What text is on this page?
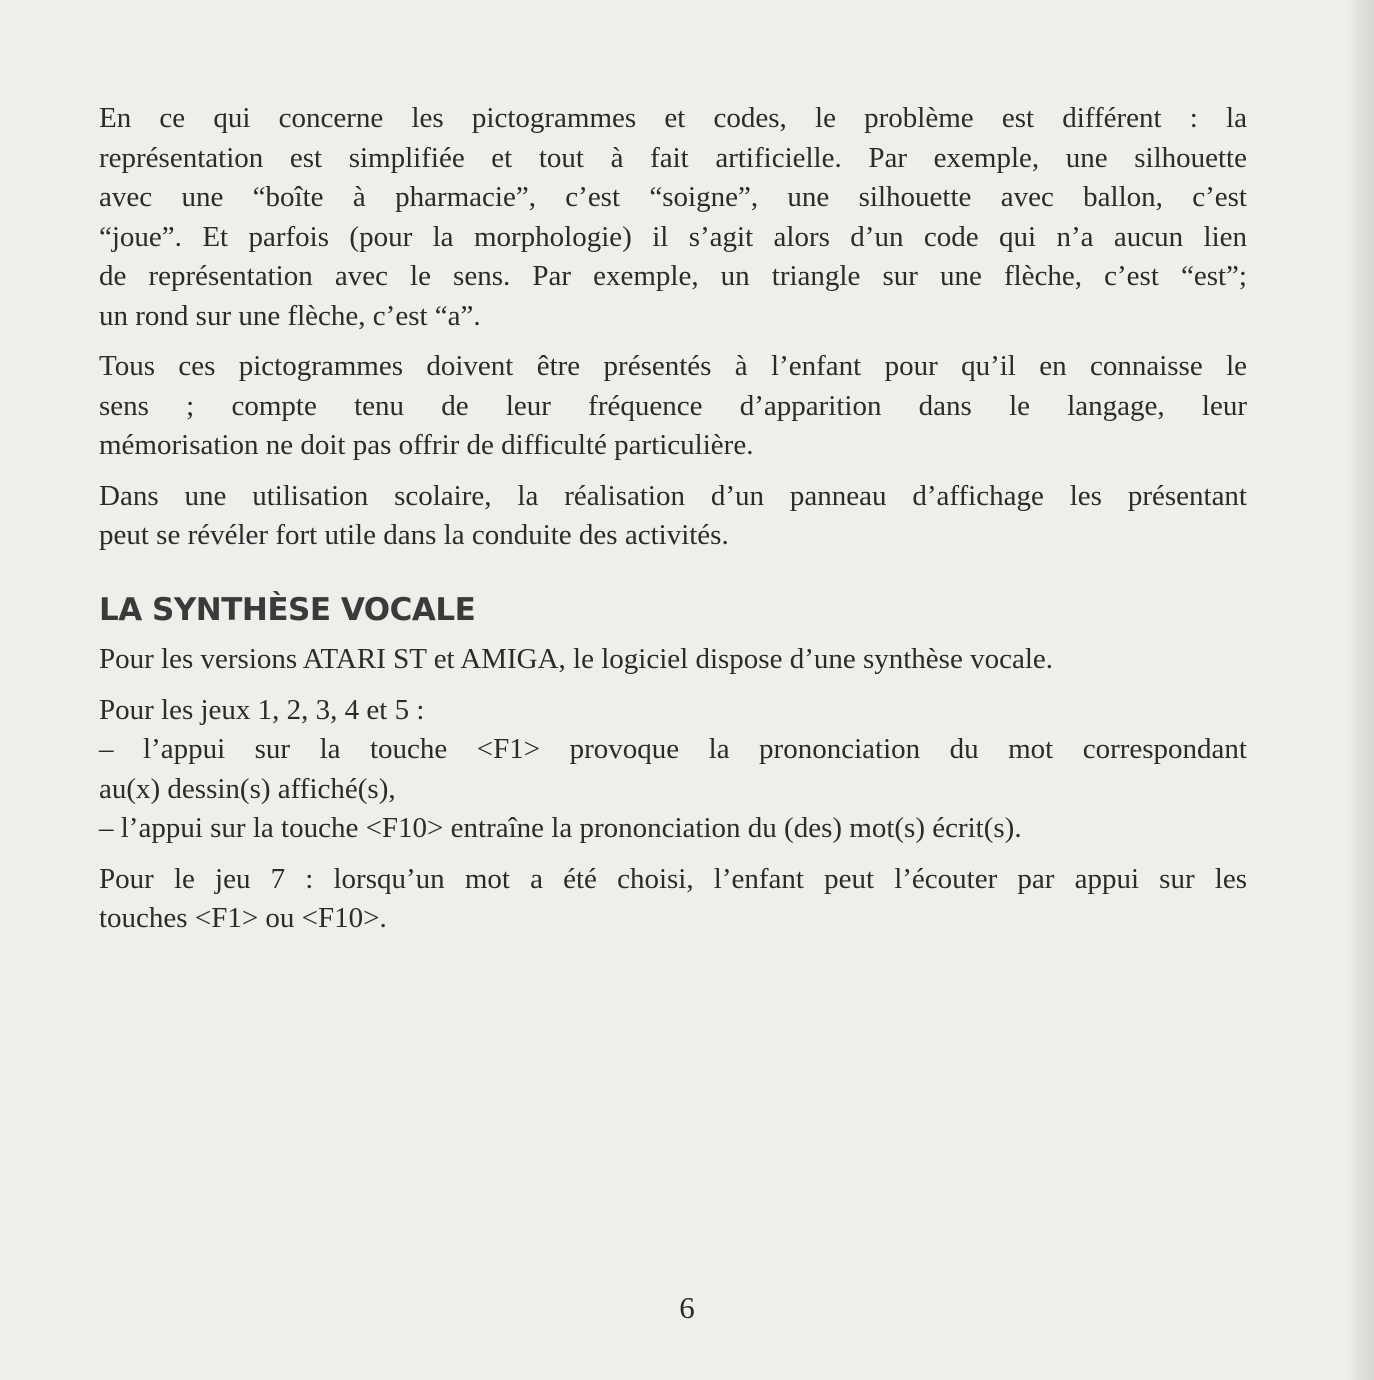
En ce qui concerne les pictogrammes et codes, le problème est différent : la
représentation est simplifiée et tout à fait artificielle. Par exemple, une silhouette
avec une “boîte à pharmacie”, c’est “soigne”, une silhouette avec ballon, c’est
“joue”. Et parfois (pour la morphologie) il s’agit alors d’un code qui n’a aucun lien
de représentation avec le sens. Par exemple, un triangle sur une flèche, c’est “est”;
un rond sur une flèche, c’est “a”.

Tous ces pictogrammes doivent être présentés à l’enfant pour qu’il en connaisse le
sens ; compte tenu de leur fréquence d’apparition dans le langage, leur
mémorisation ne doit pas offrir de difficulté particulière.

Dans une utilisation scolaire, la réalisation d’un panneau d’affichage les présentant
peut se révéler fort utile dans la conduite des activités.

LA SYNTHÈSE VOCALE

Pour les versions ATARI ST et AMIGA, le logiciel dispose d’une synthèse vocale.

Pour les jeux 1, 2, 3, 4 et 5 :
– l’appui sur la touche <F1> provoque la prononciation du mot correspondant
au(x) dessin(s) affiché(s),
– l’appui sur la touche <F10> entraîne la prononciation du (des) mot(s) écrit(s).

Pour le jeu 7 : lorsqu’un mot a été choisi, l’enfant peut l’écouter par appui sur les
touches <F1> ou <F10>.

6
